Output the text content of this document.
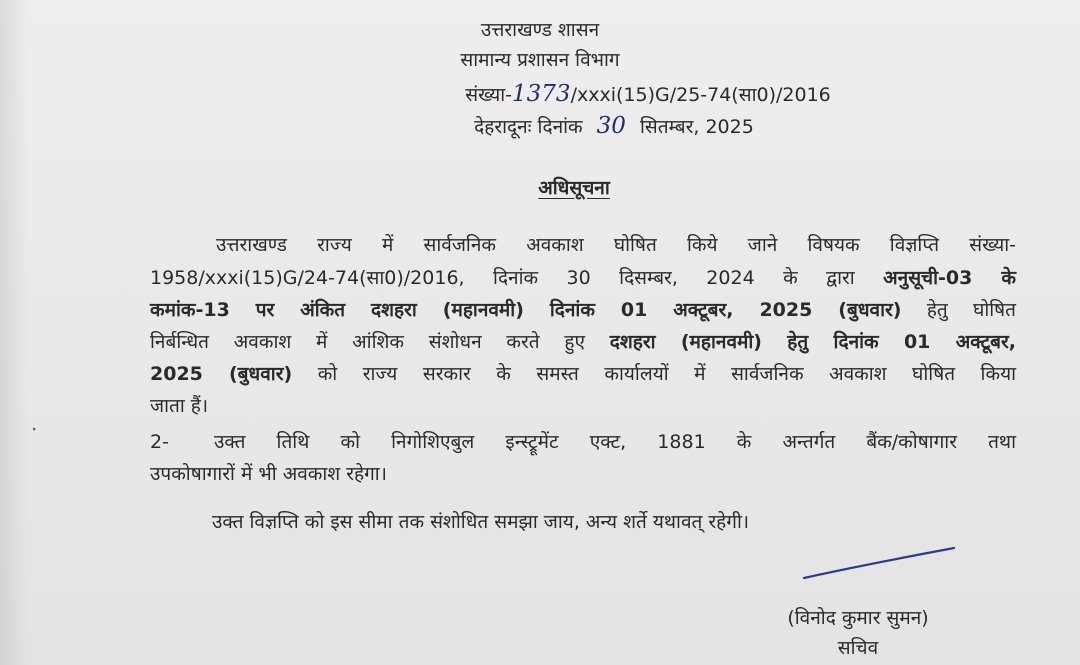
ꞏ
उत्तराखण्ड शासन
सामान्य प्रशासन विभाग
संख्या-1373/xxxi(15)G/25-74(सा0)/2016
देहरादूनः दिनांक 30 सितम्बर, 2025
अधिसूचना
उत्तराखण्ड राज्य में सार्वजनिक अवकाश घोषित किये जाने विषयक विज्ञप्ति संख्या-
1958/xxxi(15)G/24-74(सा0)/2016, दिनांक 30 दिसम्बर, 2024 के द्वारा अनुसूची-03 के
कमांक-13 पर अंकित दशहरा (महानवमी) दिनांक 01 अक्टूबर, 2025 (बुधवार) हेतु घोषित
निर्बन्धित अवकाश में आंशिक संशोधन करते हुए दशहरा (महानवमी) हेतु दिनांक 01 अक्टूबर,
2025 (बुधवार) को राज्य सरकार के समस्त कार्यालयों में सार्वजनिक अवकाश घोषित किया
जाता हैं।
2- उक्त तिथि को निगोशिएबुल इन्स्ट्रूमेंट एक्ट, 1881 के अन्तर्गत बैंक/कोषागार तथा
उपकोषागारों में भी अवकाश रहेगा।
उक्त विज्ञप्ति को इस सीमा तक संशोधित समझा जाय, अन्य शर्ते यथावत् रहेगी।
(विनोद कुमार सुमन)
सचिव
